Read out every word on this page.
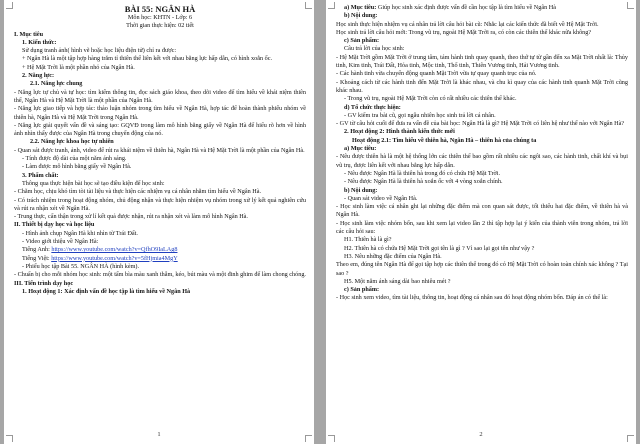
BÀI 55: NGÂN HÀ

Môn học: KHTN - Lớp: 6

Thời gian thực hiện: 02 tiết

I. Mục tiêu

1. Kiến thức:

Sử dụng tranh ảnh( hình vẽ hoặc học liệu điện tử) chỉ ra được:

+ Ngân Hà là một tập hợp hàng trăm tỉ thiên thể liên kết với nhau bằng lực hấp dẫn, có hình xoắn ốc.

+ Hệ Mặt Trời là một phần nhỏ của Ngân Hà.

2. Năng lực:

2.1. Năng lực chung

- Năng lực tự chủ và tự học: tìm kiếm thông tin, đọc sách giáo khoa, theo dõi video để tìm hiểu về khái niệm thiên thể, Ngân Hà và Hệ Mặt Trời là một phần của Ngân Hà.

- Năng lực giao tiếp và hợp tác: thảo luận nhóm trong tìm hiểu về Ngân Hà, hợp tác để hoàn thành phiếu nhóm về thiên hà, Ngân Hà và Hệ Mặt Trời trong Ngân Hà.

- Năng lực giải quyết vấn đề và sáng tạo: GQVĐ trong làm mô hình bằng giấy về Ngân Hà để hiểu rõ hơn về hình ảnh nhìn thấy được của Ngân Hà trong chuyển động của nó.

2.2. Năng lực khoa học tự nhiên

- Quan sát được tranh, ảnh, video để rút ra khái niệm về thiên hà, Ngân Hà và Hệ Mặt Trời là một phần của Ngân Hà.

- Tính được độ dài của một năm ánh sáng.

- Làm được mô hình bằng giấy về Ngân Hà.

3. Phẩm chất:

Thông qua thực hiện bài học sẽ tạo điều kiện để học sinh:

- Chăm học, chịu khó tìm tòi tài liệu và thực hiện các nhiệm vụ cá nhân nhằm tìm hiểu về Ngân Hà.

- Có trách nhiệm trong hoạt động nhóm, chủ động nhận và thực hiện nhiệm vụ nhóm trong xử lý kết quả nghiên cứu và rút ra nhận xét về Ngân Hà.

- Trung thực, cẩn thận trong xử lí kết quả được nhận, rút ra nhận xét và làm mô hình Ngân Hà.

II. Thiết bị dạy học và học liệu

- Hình ảnh chụp Ngân Hà khi nhìn từ Trái Đất.

- Video giới thiệu về Ngân Hà:

Tiếng Anh: https://www.youtube.com/watch?v=QfhO9IaLAg8

Tiếng Việt: https://www.youtube.com/watch?v=5fHjmia4MgY

- Phiếu học tập Bài 55. NGÂN HÀ (hình kèm).

- Chuẩn bị cho mỗi nhóm học sinh: một tấm bìa màu xanh thẫm, kéo, bút màu và một đinh ghim để làm chong chóng.

III. Tiến trình dạy học

1. Hoạt động 1: Xác định vấn đề học tập là tìm hiểu về Ngân Hà

1

a) Mục tiêu: Giúp học sinh xác định được vấn đề cần học tập là tìm hiểu về Ngân Hà

b) Nội dung:

Học sinh thực hiện nhiệm vụ cá nhân trả lời câu hỏi bài cũ: Nhắc lại các kiến thức đã biết về Hệ Mặt Trời.

Học sinh trả lời câu hỏi mới: Trong vũ trụ, ngoài Hệ Mặt Trời ra, có còn các thiên thể khác nữa không?

c) Sản phẩm:

Câu trả lời của học sinh:

- Hệ Mặt Trời gồm Mặt Trời ở trung tâm, tám hành tinh quay quanh, theo thứ tự từ gần đến xa Mặt Trời nhất là: Thủy tinh, Kim tinh, Trái Đất, Hỏa tinh, Mộc tinh, Thổ tinh, Thiên Vương tinh, Hải Vương tinh.

- Các hành tinh vừa chuyển động quanh Mặt Trời vừa tự quay quanh trục của nó.

- Khoảng cách từ các hành tinh đến Mặt Trời là khác nhau, và chu kì quay của các hành tinh quanh Mặt Trời cũng khác nhau.

- Trong vũ trụ, ngoài Hệ Mặt Trời còn có rất nhiều các thiên thể khác.

d) Tổ chức thực hiện:

- GV kiểm tra bài cũ, gọi ngẫu nhiên học sinh trả lời cá nhân.

- GV từ câu hỏi cuối để đưa ra vấn đề của bài học: Ngân Hà là gì? Hệ Mặt Trời có liên hệ như thế nào với Ngân Hà?

2. Hoạt động 2: Hình thành kiến thức mới

Hoạt động 2.1: Tìm hiểu về thiên hà, Ngân Hà – thiên hà của chúng ta

a) Mục tiêu:

- Nêu được thiên hà là một hệ thống lớn các thiên thể bao gồm rất nhiều các ngôi sao, các hành tinh, chất khí và bụi vũ trụ, được liên kết với nhau bằng lực hấp dẫn.

- Nêu được Ngân Hà là thiên hà trong đó có chứa Hệ Mặt Trời.

- Nêu được Ngân Hà là thiên hà xoắn ốc với 4 vòng xoắn chính.

b) Nội dung:

- Quan sát video về Ngân Hà.

- Học sinh làm việc cá nhân ghi lại những đặc điểm mà con quan sát được, tối thiểu hai đặc điểm, về thiên hà và Ngân Hà.

- Học sinh làm việc nhóm bốn, sau khi xem lại video lần 2 thì tập hợp lại ý kiến của thành viên trong nhóm, trả lời các câu hỏi sau:

H1. Thiên hà là gì?

H2. Thiên hà có chứa Hệ Mặt Trời gọi tên là gì ? Vì sao lại gọi tên như vậy ?

H3. Nêu những đặc điểm của Ngân Hà.

Theo em, đúng tên Ngân Hà để gọi tập hợp các thiên thể trong đó có Hệ Mặt Trời có hoàn toàn chính xác không ? Tại sao ?

H5. Một năm ánh sáng dài bao nhiêu mét ?

c) Sản phẩm:

- Học sinh xem video, tìm tài liệu, thông tin, hoạt động cá nhân sau đó hoạt động nhóm bốn. Đáp án có thể là:

2
